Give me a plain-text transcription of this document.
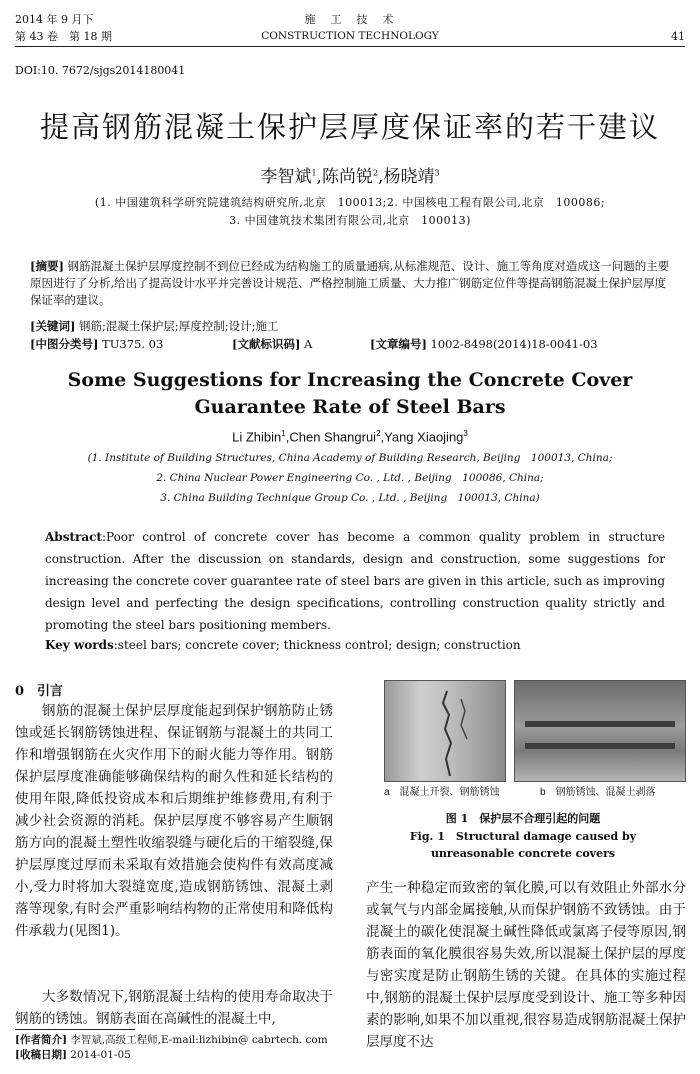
2014 年 9 月下
第 43 卷　第 18 期
施　工　技　术
CONSTRUCTION TECHNOLOGY	41
DOI:10. 7672/sjgs2014180041
提高钢筋混凝土保护层厚度保证率的若干建议
李智斌$^1$,陈尚锐$^2$,杨晓靖$^3$
(1. 中国建筑科学研究院建筑结构研究所,北京　100013;2. 中国核电工程有限公司,北京　100086;
3. 中国建筑技术集团有限公司,北京　100013)
[摘要] 钢筋混凝土保护层厚度控制不到位已经成为结构施工的质量通病,从标准规范、设计、施工等角度对造成这一问题的主要原因进行了分析,给出了提高设计水平并完善设计规范、严格控制施工质量、大力推广钢筋定位件等提高钢筋混凝土保护层厚度保证率的建议。
[关键词] 钢筋;混凝土保护层;厚度控制;设计;施工
[中图分类号] TU375. 03	[文献标识码] A	[文章编号] 1002-8498(2014)18-0041-03
Some Suggestions for Increasing the Concrete Cover
Guarantee Rate of Steel Bars
Li Zhibin$^1$,Chen Shangrui$^2$,Yang Xiaojing$^3$
(1. Institute of Building Structures, China Academy of Building Research, Beijing　100013, China;
2. China Nuclear Power Engineering Co. , Ltd. , Beijing　100086, China;
3. China Building Technique Group Co. , Ltd. , Beijing　100013, China)
Abstract:Poor control of concrete cover has become a common quality problem in structure construction. After the discussion on standards, design and construction, some suggestions for increasing the concrete cover guarantee rate of steel bars are given in this article, such as improving design level and perfecting the design specifications, controlling construction quality strictly and promoting the steel bars positioning members.
Key words:steel bars; concrete cover; thickness control; design; construction
0　引言
钢筋的混凝土保护层厚度能起到保护钢筋防止锈蚀或延长钢筋锈蚀进程、保证钢筋与混凝土的共同工作和增强钢筋在火灾作用下的耐火能力等作用。钢筋保护层厚度准确能够确保结构的耐久性和延长结构的使用年限,降低投资成本和后期维护维修费用,有利于减少社会资源的消耗。保护层厚度不够容易产生顺钢筋方向的混凝土塑性收缩裂缝与硬化后的干缩裂缝,保护层厚度过厚而未采取有效措施会使构件有效高度减小,受力时将加大裂缝宽度,造成钢筋锈蚀、混凝土剥落等现象,有时会严重影响结构物的正常使用和降低构件承载力(见图1)。
大多数情况下,钢筋混凝土结构的使用寿命取决于钢筋的锈蚀。钢筋表面在高碱性的混凝土中,
[作者简介] 李智斌,高级工程师,E-mail:lizhibin@ cabrtech. com
[收稿日期] 2014-01-05
a　混凝土开裂、钢筋锈蚀	b　钢筋锈蚀、混凝土剥落
图 1　保护层不合理引起的问题
Fig. 1　Structural damage caused by
unreasonable concrete covers
产生一种稳定而致密的氧化膜,可以有效阻止外部水分或氧气与内部金属接触,从而保护钢筋不致锈蚀。由于混凝土的碳化使混凝土碱性降低或氯离子侵等原因,钢筋表面的氧化膜很容易失效,所以混凝土保护层的厚度与密实度是防止钢筋生锈的关键。在具体的实施过程中,钢筋的混凝土保护层厚度受到设计、施工等多种因素的影响,如果不加以重视,很容易造成钢筋混凝土保护层厚度不达
